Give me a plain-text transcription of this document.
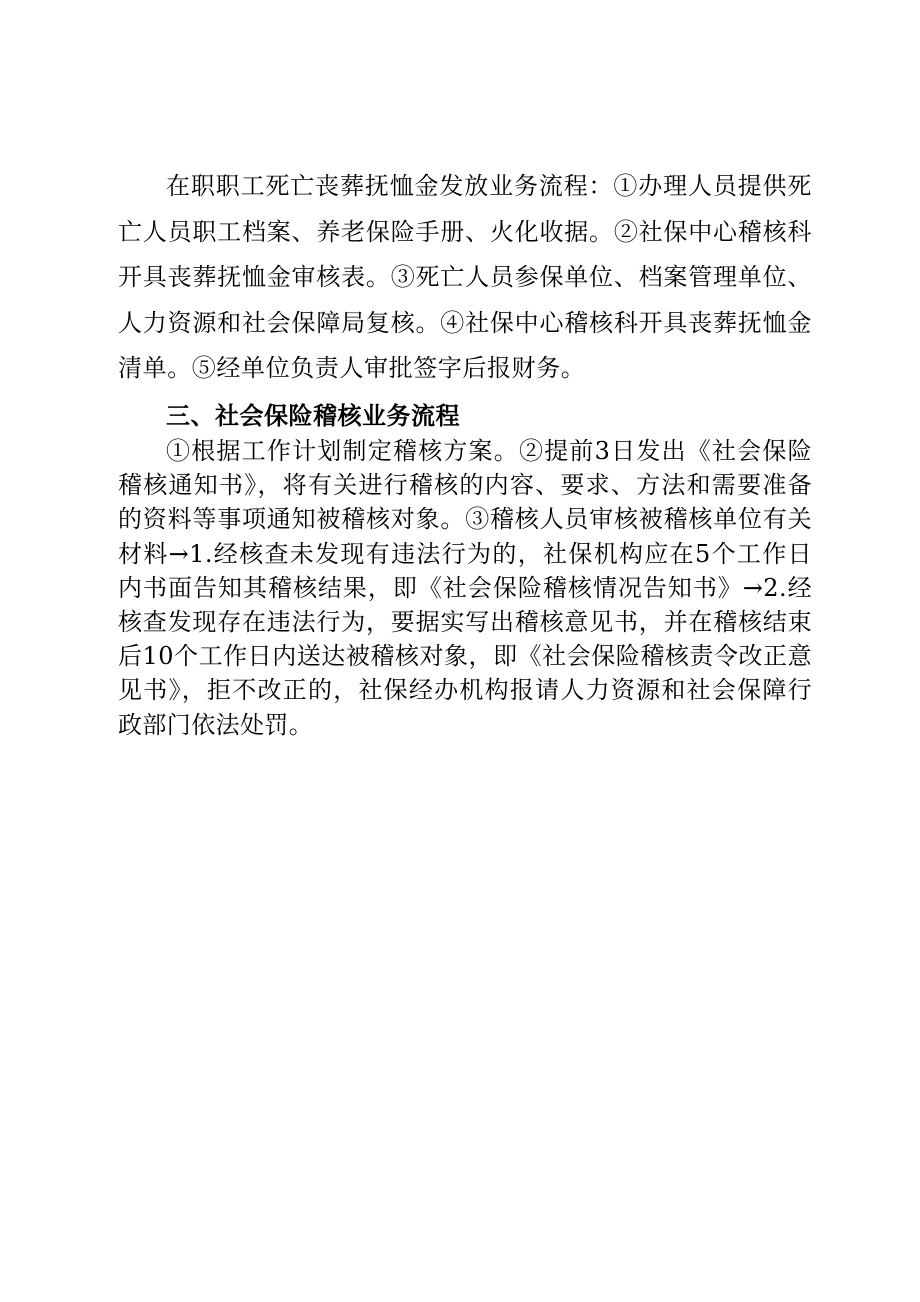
在职职工死亡丧葬抚恤金发放业务流程：①办理人员提供死亡人员职工档案、养老保险手册、火化收据。②社保中心稽核科开具丧葬抚恤金审核表。③死亡人员参保单位、档案管理单位、人力资源和社会保障局复核。④社保中心稽核科开具丧葬抚恤金清单。⑤经单位负责人审批签字后报财务。

三、社会保险稽核业务流程

①根据工作计划制定稽核方案。②提前3日发出《社会保险稽核通知书》，将有关进行稽核的内容、要求、方法和需要准备的资料等事项通知被稽核对象。③稽核人员审核被稽核单位有关材料→1.经核查未发现有违法行为的，社保机构应在5个工作日内书面告知其稽核结果，即《社会保险稽核情况告知书》→2.经核查发现存在违法行为，要据实写出稽核意见书，并在稽核结束后10个工作日内送达被稽核对象，即《社会保险稽核责令改正意见书》，拒不改正的，社保经办机构报请人力资源和社会保障行政部门依法处罚。
